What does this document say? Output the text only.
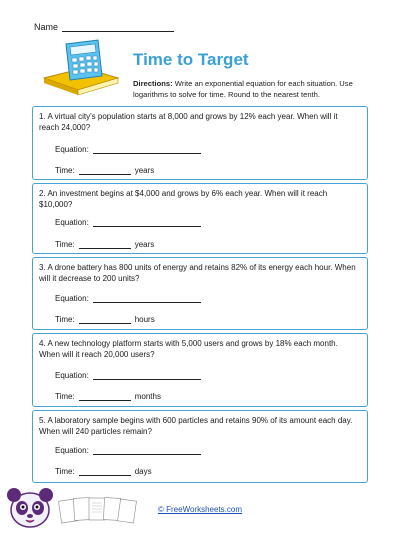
Name
Time to Target
Directions: Write an exponential equation for each situation. Use logarithms to solve for time. Round to the nearest tenth.
1. A virtual city's population starts at 8,000 and grows by 12% each year. When will it reach 24,000?
Equation:
Time:	years
2. An investment begins at $4,000 and grows by 6% each year. When will it reach $10,000?
Equation:
Time:	years
3. A drone battery has 800 units of energy and retains 82% of its energy each hour. When will it decrease to 200 units?
Equation:
Time:	hours
4. A new technology platform starts with 5,000 users and grows by 18% each month. When will it reach 20,000 users?
Equation:
Time:	months
5. A laboratory sample begins with 600 particles and retains 90% of its amount each day. When will 240 particles remain?
Equation:
Time:	days
© FreeWorksheets.com
